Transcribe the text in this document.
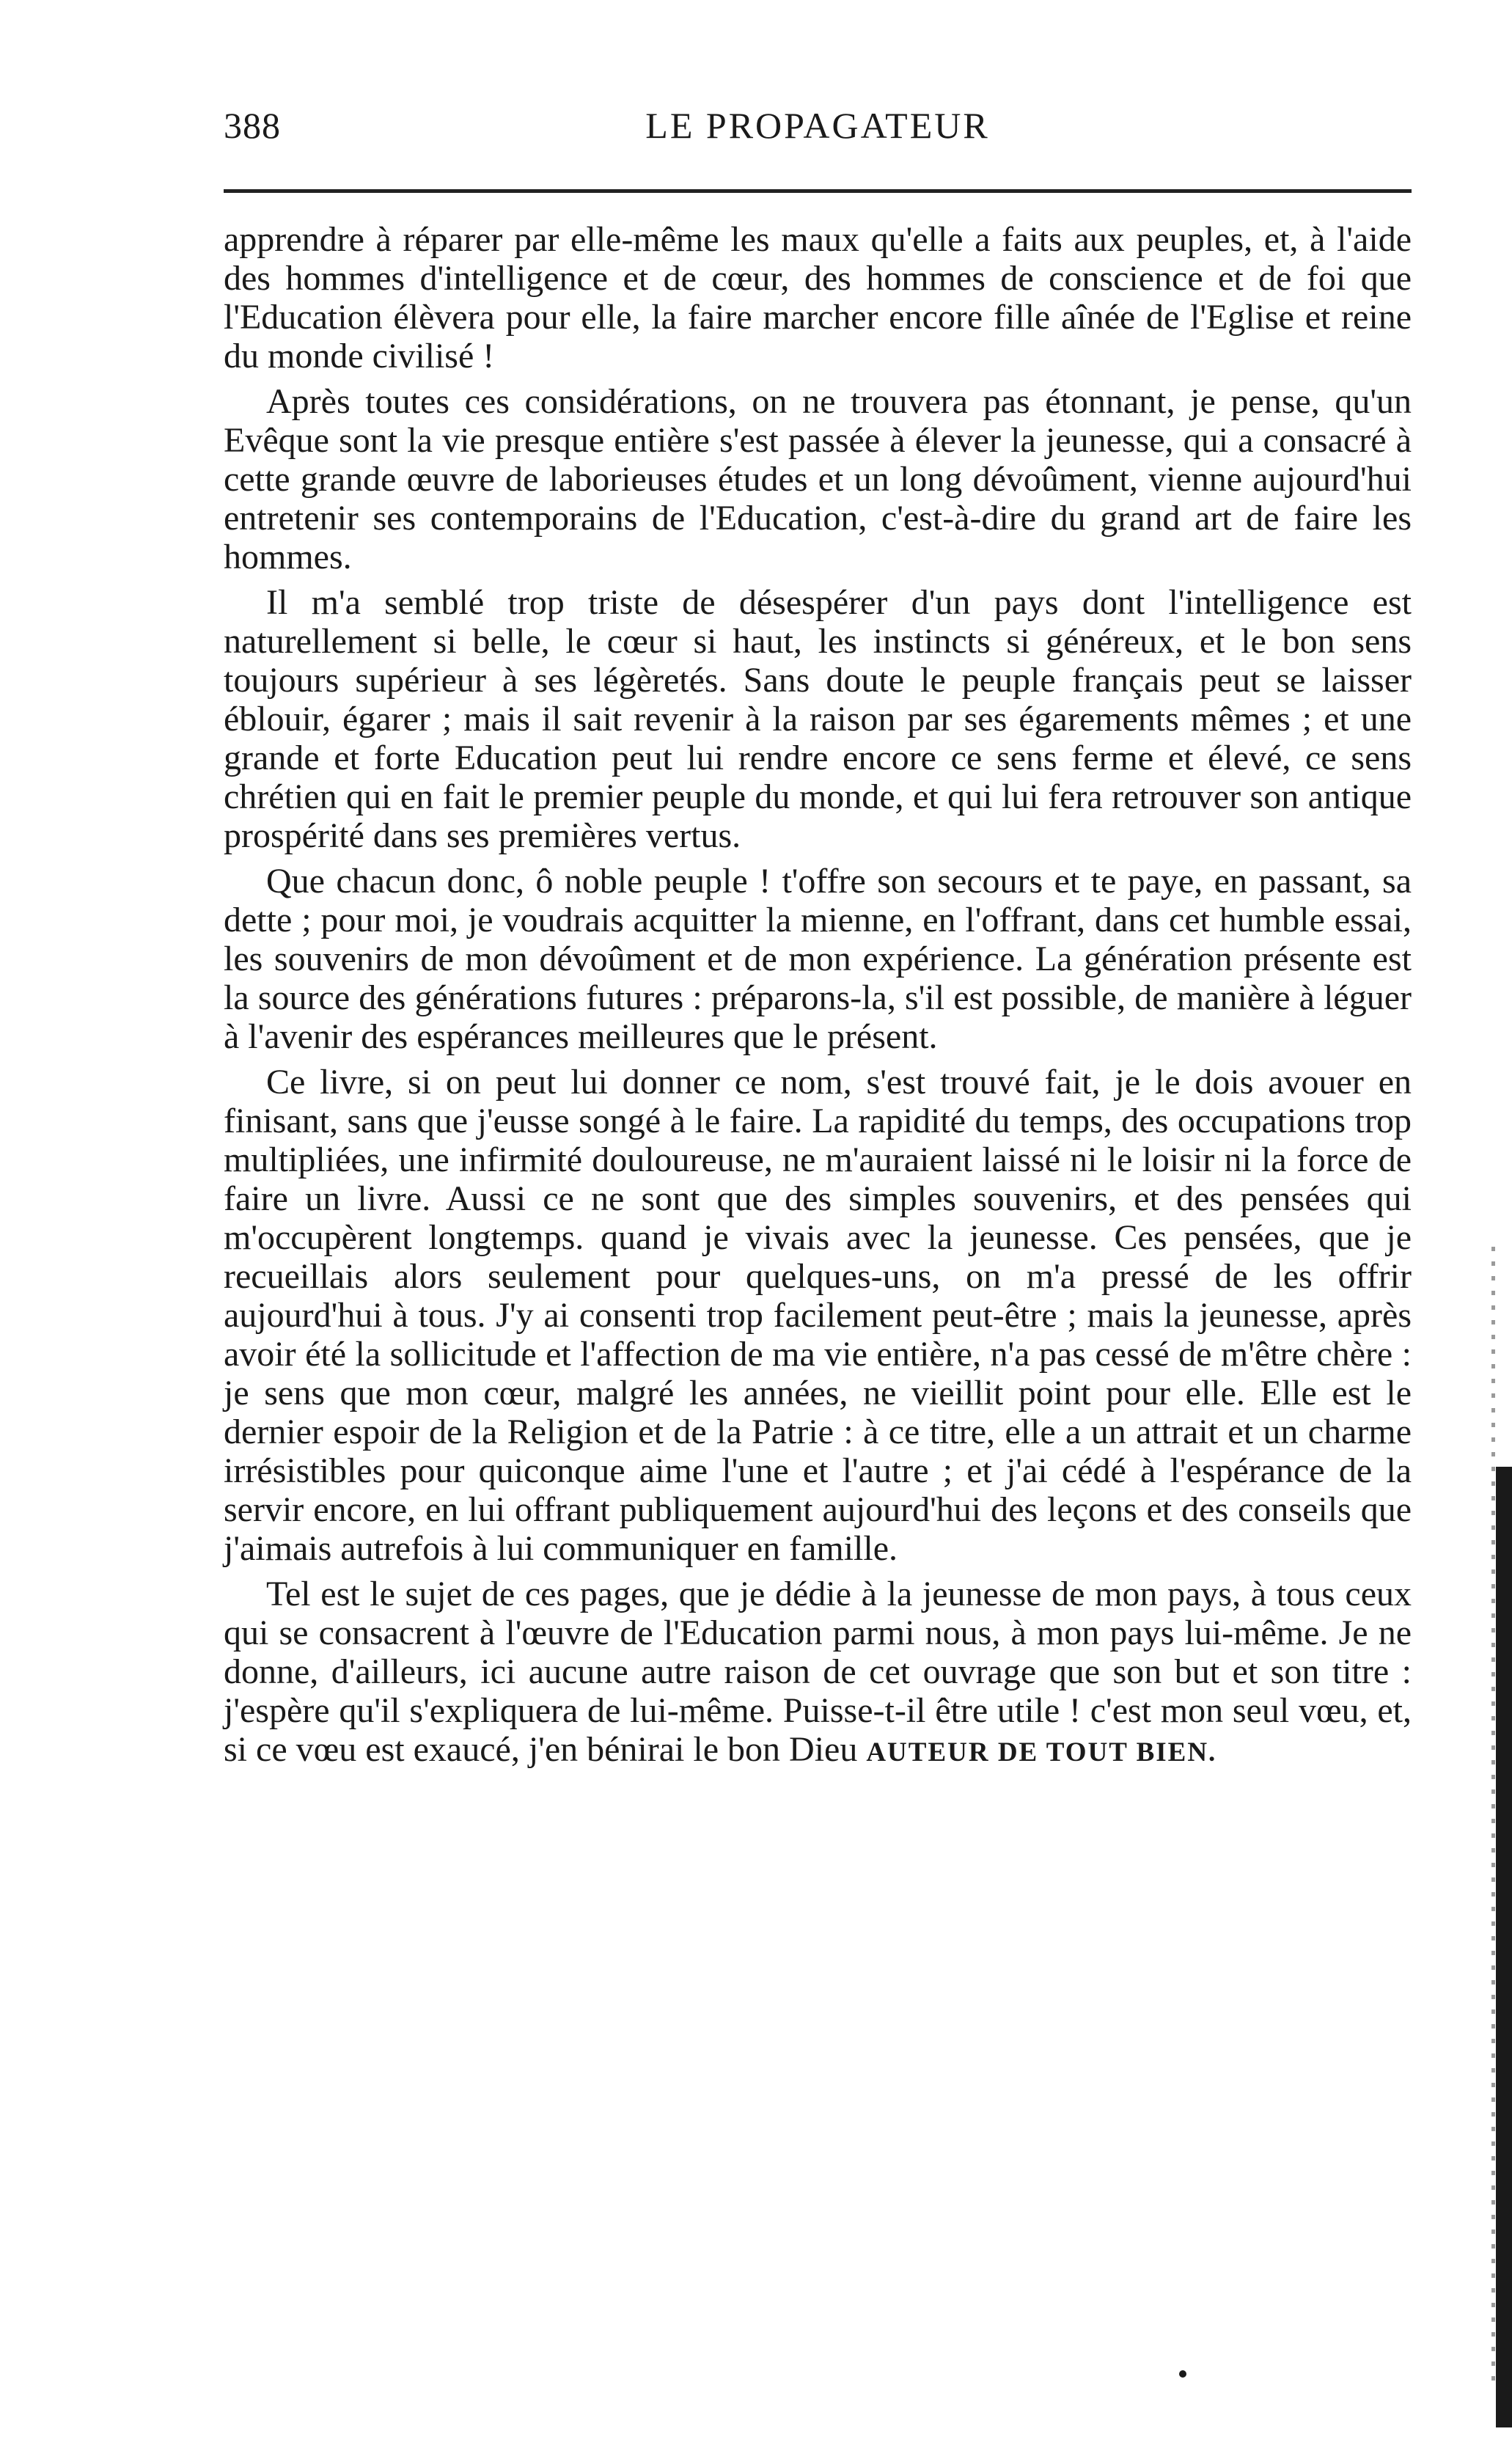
388	LE PROPAGATEUR

apprendre à réparer par elle-même les maux qu'elle a faits aux peuples, et, à l'aide des hommes d'intelligence et de cœur, des hommes de conscience et de foi que l'Education élèvera pour elle, la faire marcher encore fille aînée de l'Eglise et reine du monde civilisé !

Après toutes ces considérations, on ne trouvera pas étonnant, je pense, qu'un Evêque sont la vie presque entière s'est passée à élever la jeunesse, qui a consacré à cette grande œuvre de laborieuses études et un long dévoûment, vienne aujourd'hui entretenir ses contemporains de l'Education, c'est-à-dire du grand art de faire les hommes.

Il m'a semblé trop triste de désespérer d'un pays dont l'intelligence est naturellement si belle, le cœur si haut, les instincts si généreux, et le bon sens toujours supérieur à ses légèretés. Sans doute le peuple français peut se laisser éblouir, égarer ; mais il sait revenir à la raison par ses égarements mêmes ; et une grande et forte Education peut lui rendre encore ce sens ferme et élevé, ce sens chrétien qui en fait le premier peuple du monde, et qui lui fera retrouver son antique prospérité dans ses premières vertus.

Que chacun donc, ô noble peuple ! t'offre son secours et te paye, en passant, sa dette ; pour moi, je voudrais acquitter la mienne, en l'offrant, dans cet humble essai, les souvenirs de mon dévoûment et de mon expérience. La génération présente est la source des générations futures : préparons-la, s'il est possible, de manière à léguer à l'avenir des espérances meilleures que le présent.

Ce livre, si on peut lui donner ce nom, s'est trouvé fait, je le dois avouer en finisant, sans que j'eusse songé à le faire. La rapidité du temps, des occupations trop multipliées, une infirmité douloureuse, ne m'auraient laissé ni le loisir ni la force de faire un livre. Aussi ce ne sont que des simples souvenirs, et des pensées qui m'occupèrent longtemps. quand je vivais avec la jeunesse. Ces pensées, que je recueillais alors seulement pour quelques-uns, on m'a pressé de les offrir aujourd'hui à tous. J'y ai consenti trop facilement peut-être ; mais la jeunesse, après avoir été la sollicitude et l'affection de ma vie entière, n'a pas cessé de m'être chère : je sens que mon cœur, malgré les années, ne vieillit point pour elle. Elle est le dernier espoir de la Religion et de la Patrie : à ce titre, elle a un attrait et un charme irrésistibles pour quiconque aime l'une et l'autre ; et j'ai cédé à l'espérance de la servir encore, en lui offrant publiquement aujourd'hui des leçons et des conseils que j'aimais autrefois à lui communiquer en famille.

Tel est le sujet de ces pages, que je dédie à la jeunesse de mon pays, à tous ceux qui se consacrent à l'œuvre de l'Education parmi nous, à mon pays lui-même. Je ne donne, d'ailleurs, ici aucune autre raison de cet ouvrage que son but et son titre : j'espère qu'il s'expliquera de lui-même. Puisse-t-il être utile ! c'est mon seul vœu, et, si ce vœu est exaucé, j'en bénirai le bon Dieu AUTEUR DE TOUT BIEN.
